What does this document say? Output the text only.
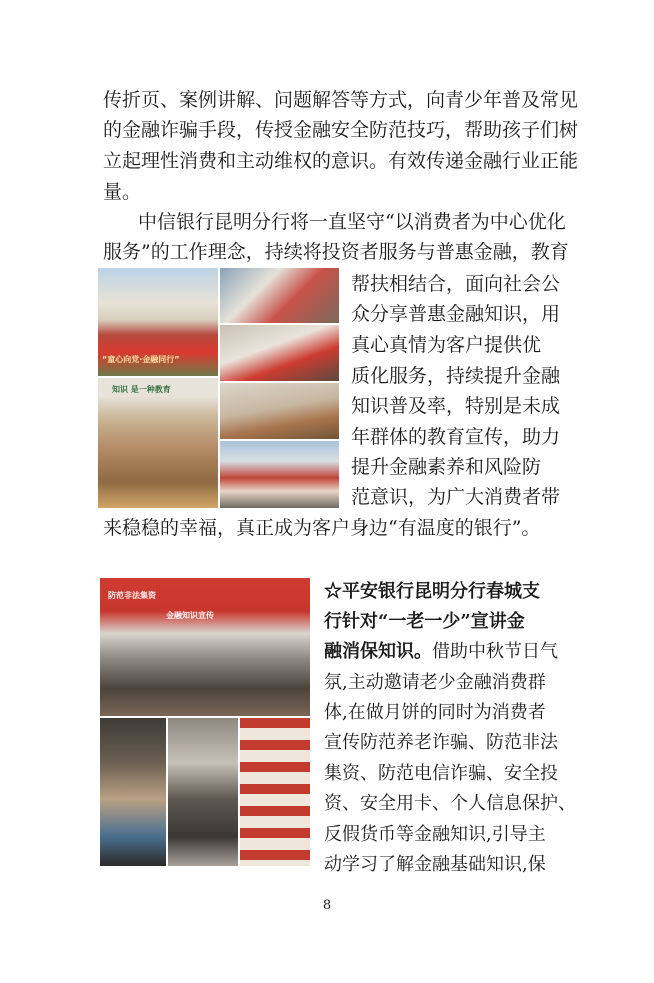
传折页、案例讲解、问题解答等方式，向青少年普及常见
的金融诈骗手段，传授金融安全防范技巧，帮助孩子们树
立起理性消费和主动维权的意识。有效传递金融行业正能
量。
中信银行昆明分行将一直坚守“以消费者为中心优化
服务”的工作理念，持续将投资者服务与普惠金融，教育
“童心向党·金融同行”
知识 是一种教育
帮扶相结合，面向社会公
众分享普惠金融知识，用
真心真情为客户提供优
质化服务，持续提升金融
知识普及率，特别是未成
年群体的教育宣传，助力
提升金融素养和风险防
范意识，为广大消费者带
来稳稳的幸福，真正成为客户身边“有温度的银行”。
防范非法集资
金融知识宣传
☆平安银行昆明分行春城支
行针对“一老一少”宣讲金
融消保知识。借助中秋节日气
氛,主动邀请老少金融消费群
体,在做月饼的同时为消费者
宣传防范养老诈骗、防范非法
集资、防范电信诈骗、安全投
资、安全用卡、个人信息保护、
反假货币等金融知识,引导主
动学习了解金融基础知识,保
8
